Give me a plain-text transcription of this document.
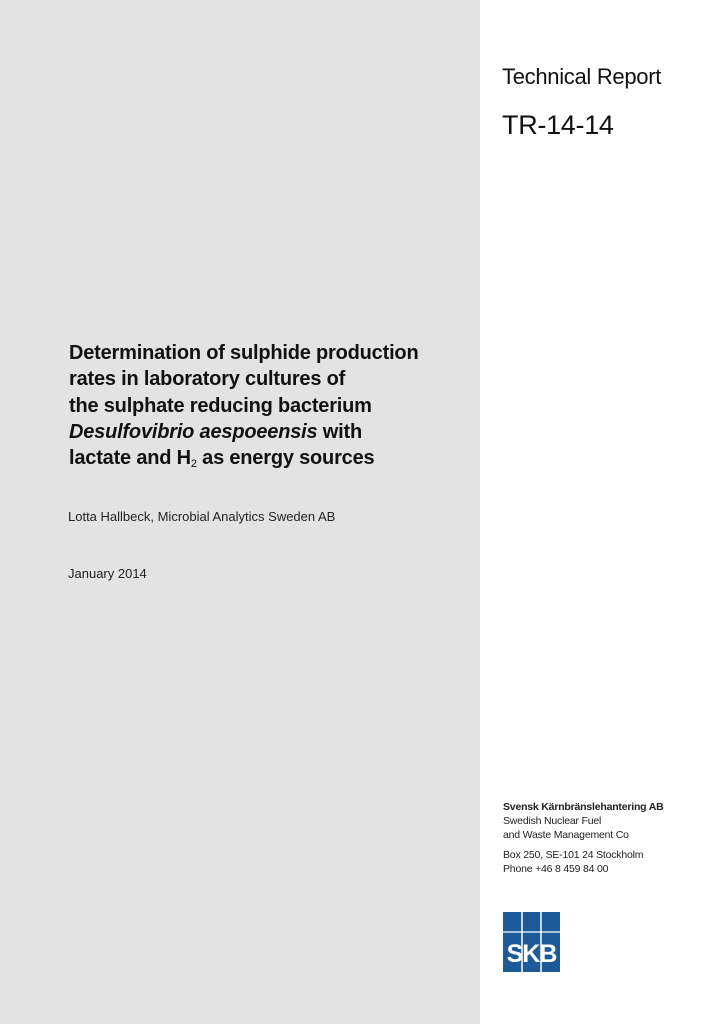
Technical Report
TR-14-14
Determination of sulphide production
rates in laboratory cultures of
the sulphate reducing bacterium
Desulfovibrio aespoeensis with
lactate and $H_2$ as energy sources
Lotta Hallbeck, Microbial Analytics Sweden AB
January 2014
Svensk Kärnbränslehantering AB
Swedish Nuclear Fuel
and Waste Management Co
Box 250, SE-101 24 Stockholm
Phone +46 8 459 84 00
SKB
